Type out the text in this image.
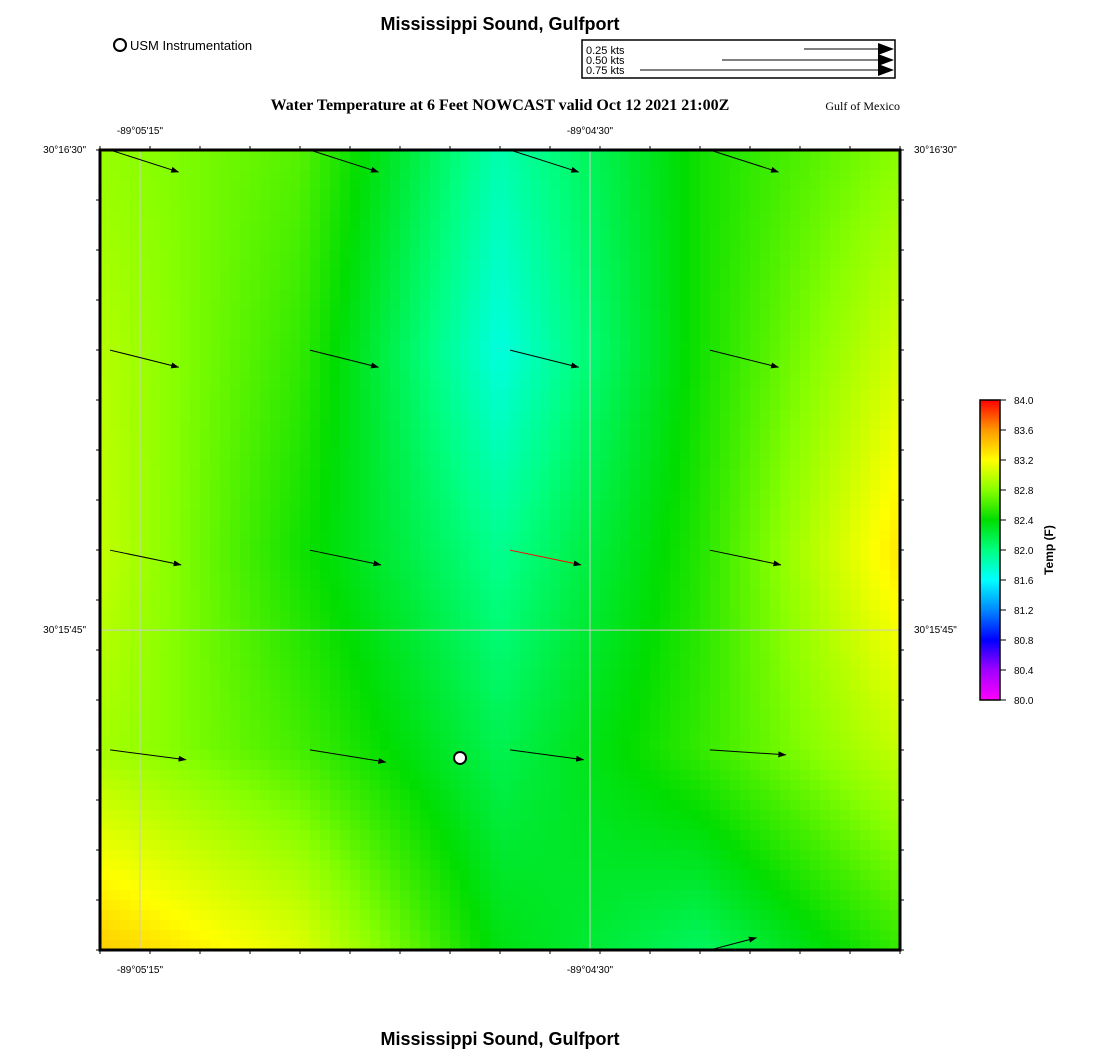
Mississippi Sound, Gulfport
USM Instrumentation	0.25 kts
0.50 kts
0.75 kts
Water Temperature at 6 Feet NOWCAST valid Oct 12 2021 21:00Z	Gulf of Mexico
-89°05'15"	-89°04'30"
-89°05'15"	-89°04'30"
30°16'30"
30°15'45"
30°16'30"
30°15'45"
84.0
83.6
83.2
82.8
82.4
82.0
81.6
81.2
80.8
80.4
80.0
Temp (F)
Mississippi Sound, Gulfport
